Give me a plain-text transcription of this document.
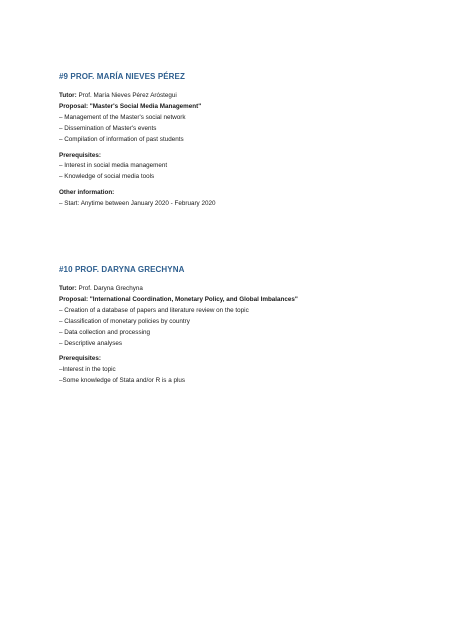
#9 PROF. MARÍA NIEVES PÉREZ
Tutor: Prof. María Nieves Pérez Aróstegui
Proposal: "Master's Social Media Management"
– Management of the Master's social network
– Dissemination of Master's events
– Compilation of information of past students
Prerequisites:
– Interest in social media management
– Knowledge of social media tools
Other information:
– Start: Anytime between January 2020 - February 2020
#10 PROF. DARYNA GRECHYNA
Tutor: Prof. Daryna Grechyna
Proposal: "International Coordination, Monetary Policy, and Global Imbalances"
– Creation of a database of papers and literature review on the topic
– Classification of monetary policies by country
– Data collection and processing
– Descriptive analyses
Prerequisites:
–Interest in the topic
–Some knowledge of Stata and/or R is a plus
